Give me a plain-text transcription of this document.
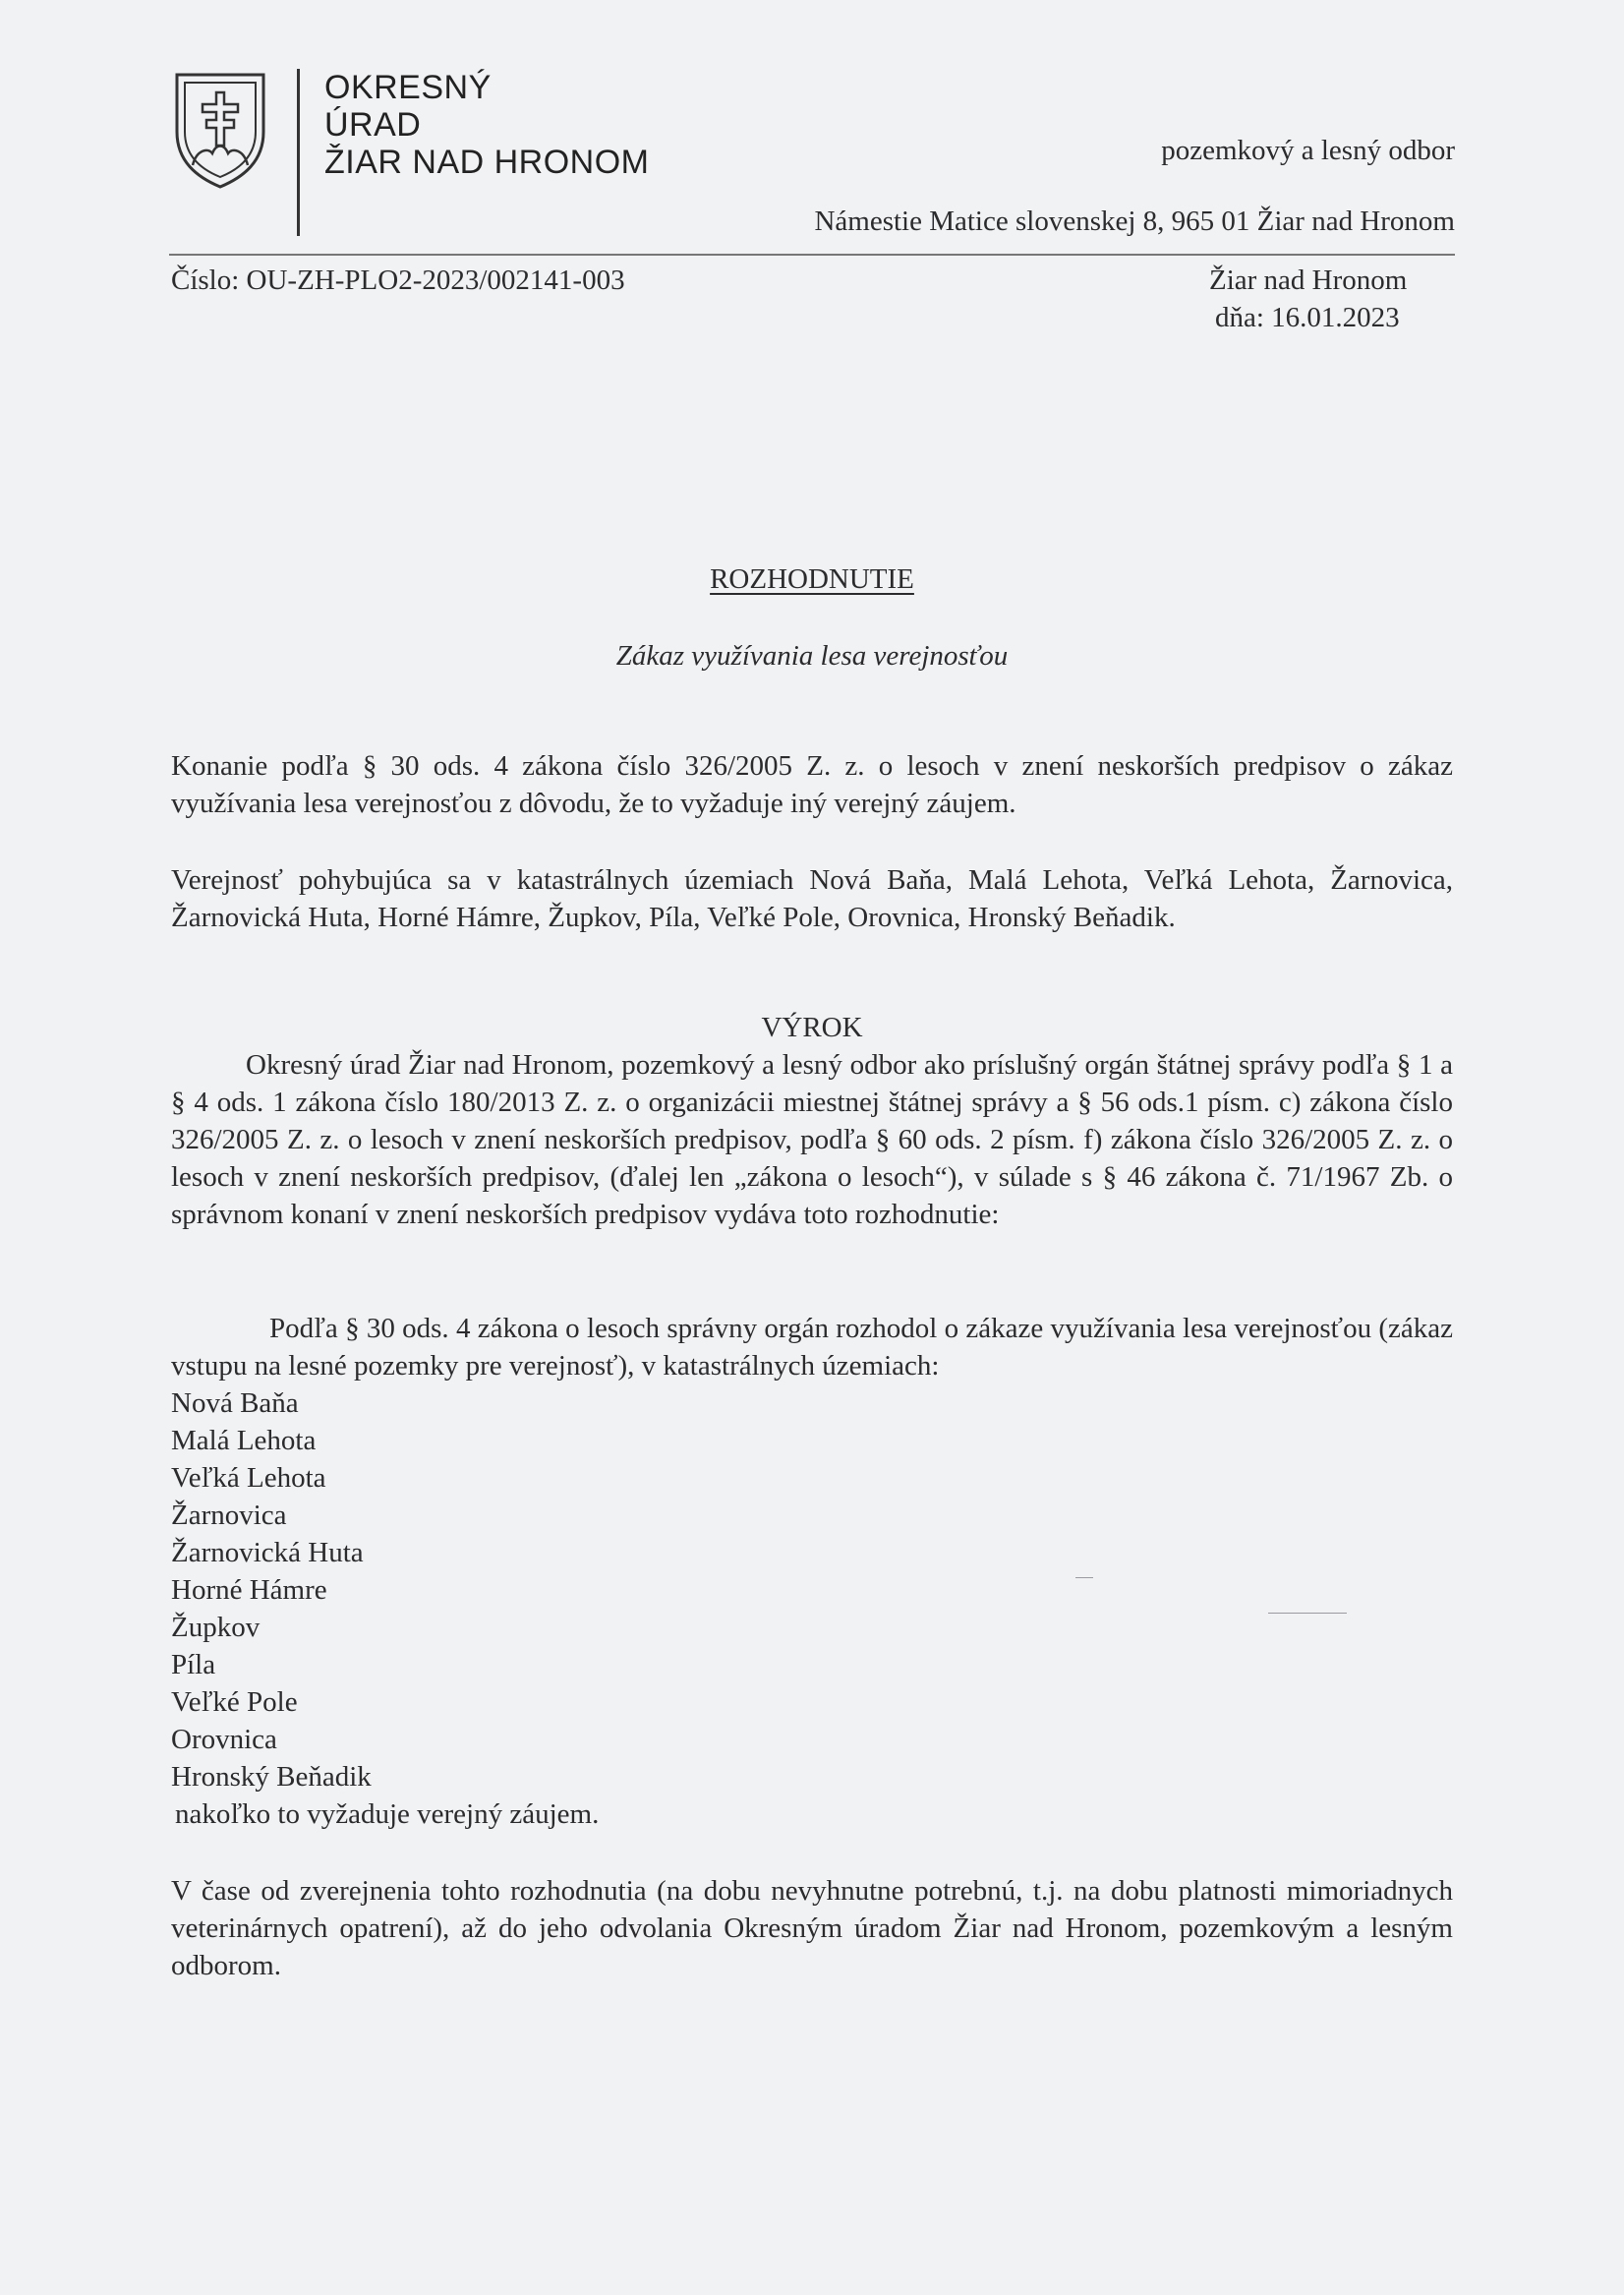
OKRESNÝ
ÚRAD
ŽIAR NAD HRONOM	pozemkový a lesný odbor
Námestie Matice slovenskej 8, 965 01 Žiar nad Hronom
Číslo: OU-ZH-PLO2-2023/002141-003	Žiar nad Hronom
dňa: 16.01.2023
ROZHODNUTIE
Zákaz využívania lesa verejnosťou
Konanie podľa § 30 ods. 4 zákona číslo 326/2005 Z. z. o lesoch v znení neskorších predpisov o zákaz využívania lesa verejnosťou z dôvodu, že to vyžaduje iný verejný záujem.
Verejnosť pohybujúca sa v katastrálnych územiach Nová Baňa, Malá Lehota, Veľká Lehota, Žarnovica, Žarnovická Huta, Horné Hámre, Župkov, Píla, Veľké Pole, Orovnica, Hronský Beňadik.
VÝROK
Okresný úrad Žiar nad Hronom, pozemkový a lesný odbor ako príslušný orgán štátnej správy podľa § 1 a § 4 ods. 1 zákona číslo 180/2013 Z. z. o organizácii miestnej štátnej správy a § 56 ods.1 písm. c) zákona číslo 326/2005 Z. z. o lesoch v znení neskorších predpisov, podľa § 60 ods. 2 písm. f) zákona číslo 326/2005 Z. z. o lesoch v znení neskorších predpisov, (ďalej len „zákona o lesoch“), v súlade s § 46 zákona č. 71/1967 Zb. o správnom konaní v znení neskorších predpisov vydáva toto rozhodnutie:
Podľa § 30 ods. 4 zákona o lesoch správny orgán rozhodol o zákaze využívania lesa verejnosťou (zákaz vstupu na lesné pozemky pre verejnosť), v katastrálnych územiach:
Nová Baňa
Malá Lehota
Veľká Lehota
Žarnovica
Žarnovická Huta
Horné Hámre
Župkov
Píla
Veľké Pole
Orovnica
Hronský Beňadik
nakoľko to vyžaduje verejný záujem.
V čase od zverejnenia tohto rozhodnutia (na dobu nevyhnutne potrebnú, t.j. na dobu platnosti mimoriadnych veterinárnych opatrení), až do jeho odvolania Okresným úradom Žiar nad Hronom, pozemkovým a lesným odborom.
